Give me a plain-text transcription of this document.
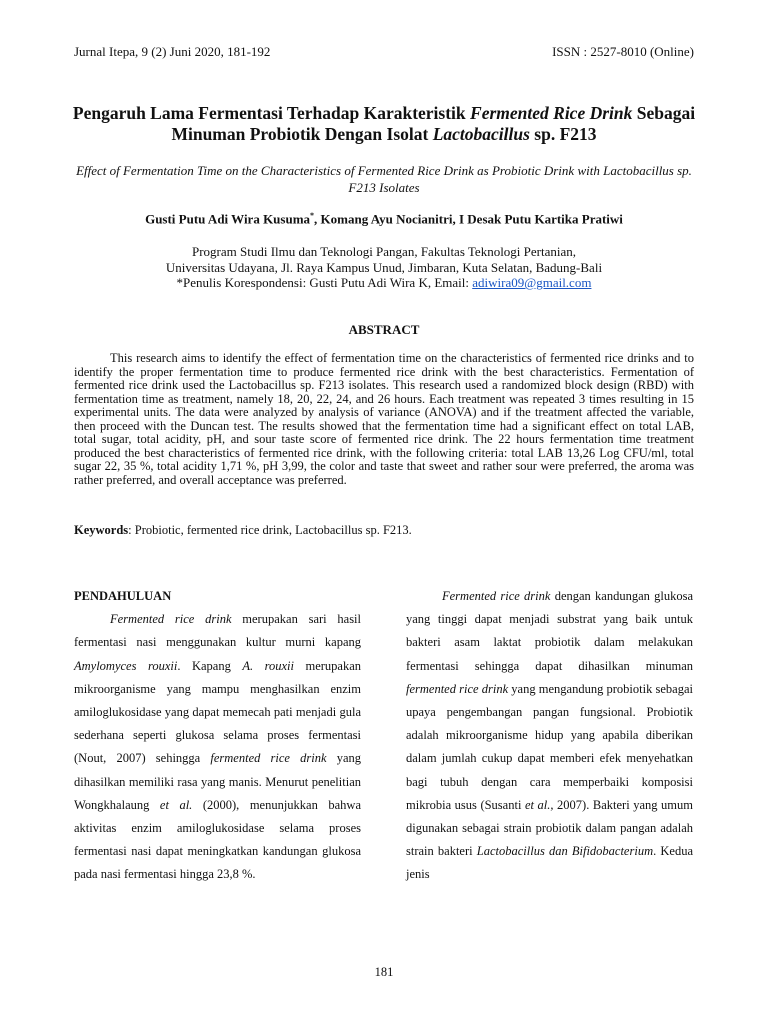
Jurnal Itepa, 9 (2) Juni 2020, 181-192	ISSN : 2527-8010 (Online)
Pengaruh Lama Fermentasi Terhadap Karakteristik Fermented Rice Drink Sebagai Minuman Probiotik Dengan Isolat Lactobacillus sp. F213
Effect of Fermentation Time on the Characteristics of Fermented Rice Drink as Probiotic Drink with Lactobacillus sp. F213 Isolates
Gusti Putu Adi Wira Kusuma*, Komang Ayu Nocianitri, I Desak Putu Kartika Pratiwi
Program Studi Ilmu dan Teknologi Pangan, Fakultas Teknologi Pertanian,
Universitas Udayana, Jl. Raya Kampus Unud, Jimbaran, Kuta Selatan, Badung-Bali
*Penulis Korespondensi: Gusti Putu Adi Wira K, Email: adiwira09@gmail.com
ABSTRACT

This research aims to identify the effect of fermentation time on the characteristics of fermented rice drinks and to identify the proper fermentation time to produce fermented rice drink with the best characteristics. Fermentation of fermented rice drink used the Lactobacillus sp. F213 isolates. This research used a randomized block design (RBD) with fermentation time as treatment, namely 18, 20, 22, 24, and 26 hours. Each treatment was repeated 3 times resulting in 15 experimental units. The data were analyzed by analysis of variance (ANOVA) and if the treatment affected the variable, then proceed with the Duncan test. The results showed that the fermentation time had a significant effect on total LAB, total sugar, total acidity, pH, and sour taste score of fermented rice drink. The 22 hours fermentation time treatment produced the best characteristics of fermented rice drink, with the following criteria: total LAB 13,26 Log CFU/ml, total sugar 22, 35 %, total acidity 1,71 %, pH 3,99, the color and taste that sweet and rather sour were preferred, the aroma was rather preferred, and overall acceptance was preferred.

Keywords: Probiotic, fermented rice drink, Lactobacillus sp. F213.

PENDAHULUAN

Fermented rice drink merupakan sari hasil fermentasi nasi menggunakan kultur murni kapang Amylomyces rouxii. Kapang A. rouxii merupakan mikroorganisme yang mampu menghasilkan enzim amiloglukosidase yang dapat memecah pati menjadi gula sederhana seperti glukosa selama proses fermentasi (Nout, 2007) sehingga fermented rice drink yang dihasilkan memiliki rasa yang manis. Menurut penelitian Wongkhalaung et al. (2000), menunjukkan bahwa aktivitas enzim amiloglukosidase selama proses fermentasi nasi dapat meningkatkan kandungan glukosa pada nasi fermentasi hingga 23,8 %.

Fermented rice drink dengan kandungan glukosa yang tinggi dapat menjadi substrat yang baik untuk bakteri asam laktat probiotik dalam melakukan fermentasi sehingga dapat dihasilkan minuman fermented rice drink yang mengandung probiotik sebagai upaya pengembangan pangan fungsional. Probiotik adalah mikroorganisme hidup yang apabila diberikan dalam jumlah cukup dapat memberi efek menyehatkan bagi tubuh dengan cara memperbaiki komposisi mikrobia usus (Susanti et al., 2007). Bakteri yang umum digunakan sebagai strain probiotik dalam pangan adalah strain bakteri Lactobacillus dan Bifidobacterium. Kedua jenis

181
